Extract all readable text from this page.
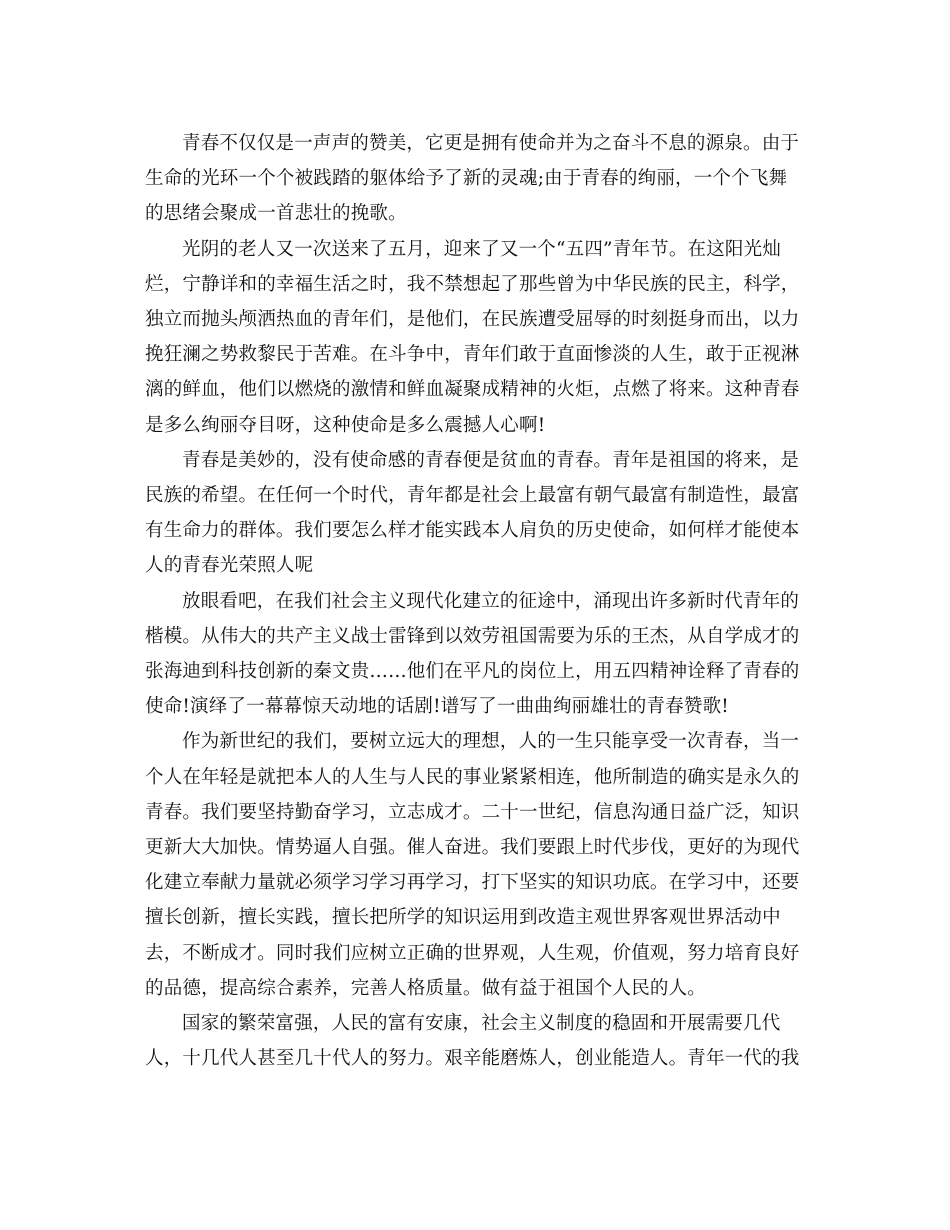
青春不仅仅是一声声的赞美，它更是拥有使命并为之奋斗不息的源泉。由于生命的光环一个个被践踏的躯体给予了新的灵魂;由于青春的绚丽，一个个飞舞的思绪会聚成一首悲壮的挽歌。

光阴的老人又一次送来了五月，迎来了又一个“五四”青年节。在这阳光灿烂，宁静详和的幸福生活之时，我不禁想起了那些曾为中华民族的民主，科学，独立而抛头颅洒热血的青年们，是他们，在民族遭受屈辱的时刻挺身而出，以力挽狂澜之势救黎民于苦难。在斗争中，青年们敢于直面惨淡的人生，敢于正视淋漓的鲜血，他们以燃烧的激情和鲜血凝聚成精神的火炬，点燃了将来。这种青春是多么绚丽夺目呀，这种使命是多么震撼人心啊!

青春是美妙的，没有使命感的青春便是贫血的青春。青年是祖国的将来，是民族的希望。在任何一个时代，青年都是社会上最富有朝气最富有制造性，最富有生命力的群体。我们要怎么样才能实践本人肩负的历史使命，如何样才能使本人的青春光荣照人呢

放眼看吧，在我们社会主义现代化建立的征途中，涌现出许多新时代青年的楷模。从伟大的共产主义战士雷锋到以效劳祖国需要为乐的王杰，从自学成才的张海迪到科技创新的秦文贵……他们在平凡的岗位上，用五四精神诠释了青春的使命!演绎了一幕幕惊天动地的话剧!谱写了一曲曲绚丽雄壮的青春赞歌!

作为新世纪的我们，要树立远大的理想，人的一生只能享受一次青春，当一个人在年轻是就把本人的人生与人民的事业紧紧相连，他所制造的确实是永久的青春。我们要坚持勤奋学习，立志成才。二十一世纪，信息沟通日益广泛，知识更新大大加快。情势逼人自强。催人奋进。我们要跟上时代步伐，更好的为现代化建立奉献力量就必须学习学习再学习，打下坚实的知识功底。在学习中，还要擅长创新，擅长实践，擅长把所学的知识运用到改造主观世界客观世界活动中去，不断成才。同时我们应树立正确的世界观，人生观，价值观，努力培育良好的品德，提高综合素养，完善人格质量。做有益于祖国个人民的人。

国家的繁荣富强，人民的富有安康，社会主义制度的稳固和开展需要几代人，十几代人甚至几十代人的努力。艰辛能磨炼人，创业能造人。青年一代的我
